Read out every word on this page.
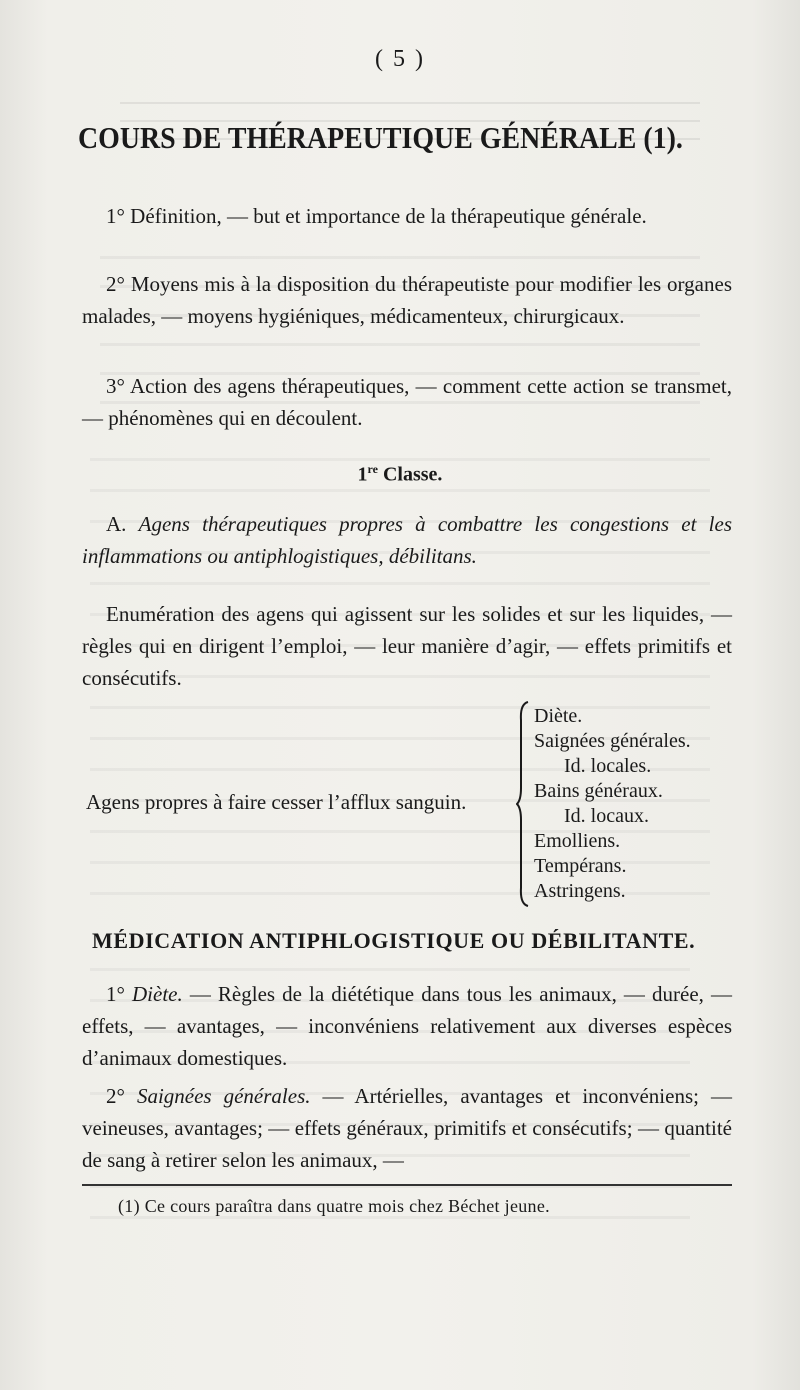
( 5 )
COURS DE THÉRAPEUTIQUE GÉNÉRALE (1).
1° Définition, — but et importance de la thérapeutique générale.
2° Moyens mis à la disposition du thérapeutiste pour modifier les organes malades, — moyens hygiéniques, médicamenteux, chirurgicaux.
3° Action des agens thérapeutiques, — comment cette action se transmet, — phénomènes qui en découlent.
1re Classe.
A. Agens thérapeutiques propres à combattre les congestions et les inflammations ou antiphlogistiques, débilitans.
Enumération des agens qui agissent sur les solides et sur les liquides, — règles qui en dirigent l’emploi, — leur manière d’agir, — effets primitifs et consécutifs.
Agens propres à faire cesser l’afflux sanguin.
Diète.
Saignées générales.
Id. locales.
Bains généraux.
Id. locaux.
Emolliens.
Tempérans.
Astringens.
MÉDICATION ANTIPHLOGISTIQUE OU DÉBILITANTE.
1° Diète. — Règles de la diététique dans tous les animaux, — durée, — effets, — avantages, — inconvéniens relativement aux diverses espèces d’animaux domestiques.
2° Saignées générales. — Artérielles, avantages et inconvéniens; — veineuses, avantages; — effets généraux, primitifs et consécutifs; — quantité de sang à retirer selon les animaux, —
(1) Ce cours paraîtra dans quatre mois chez Béchet jeune.
